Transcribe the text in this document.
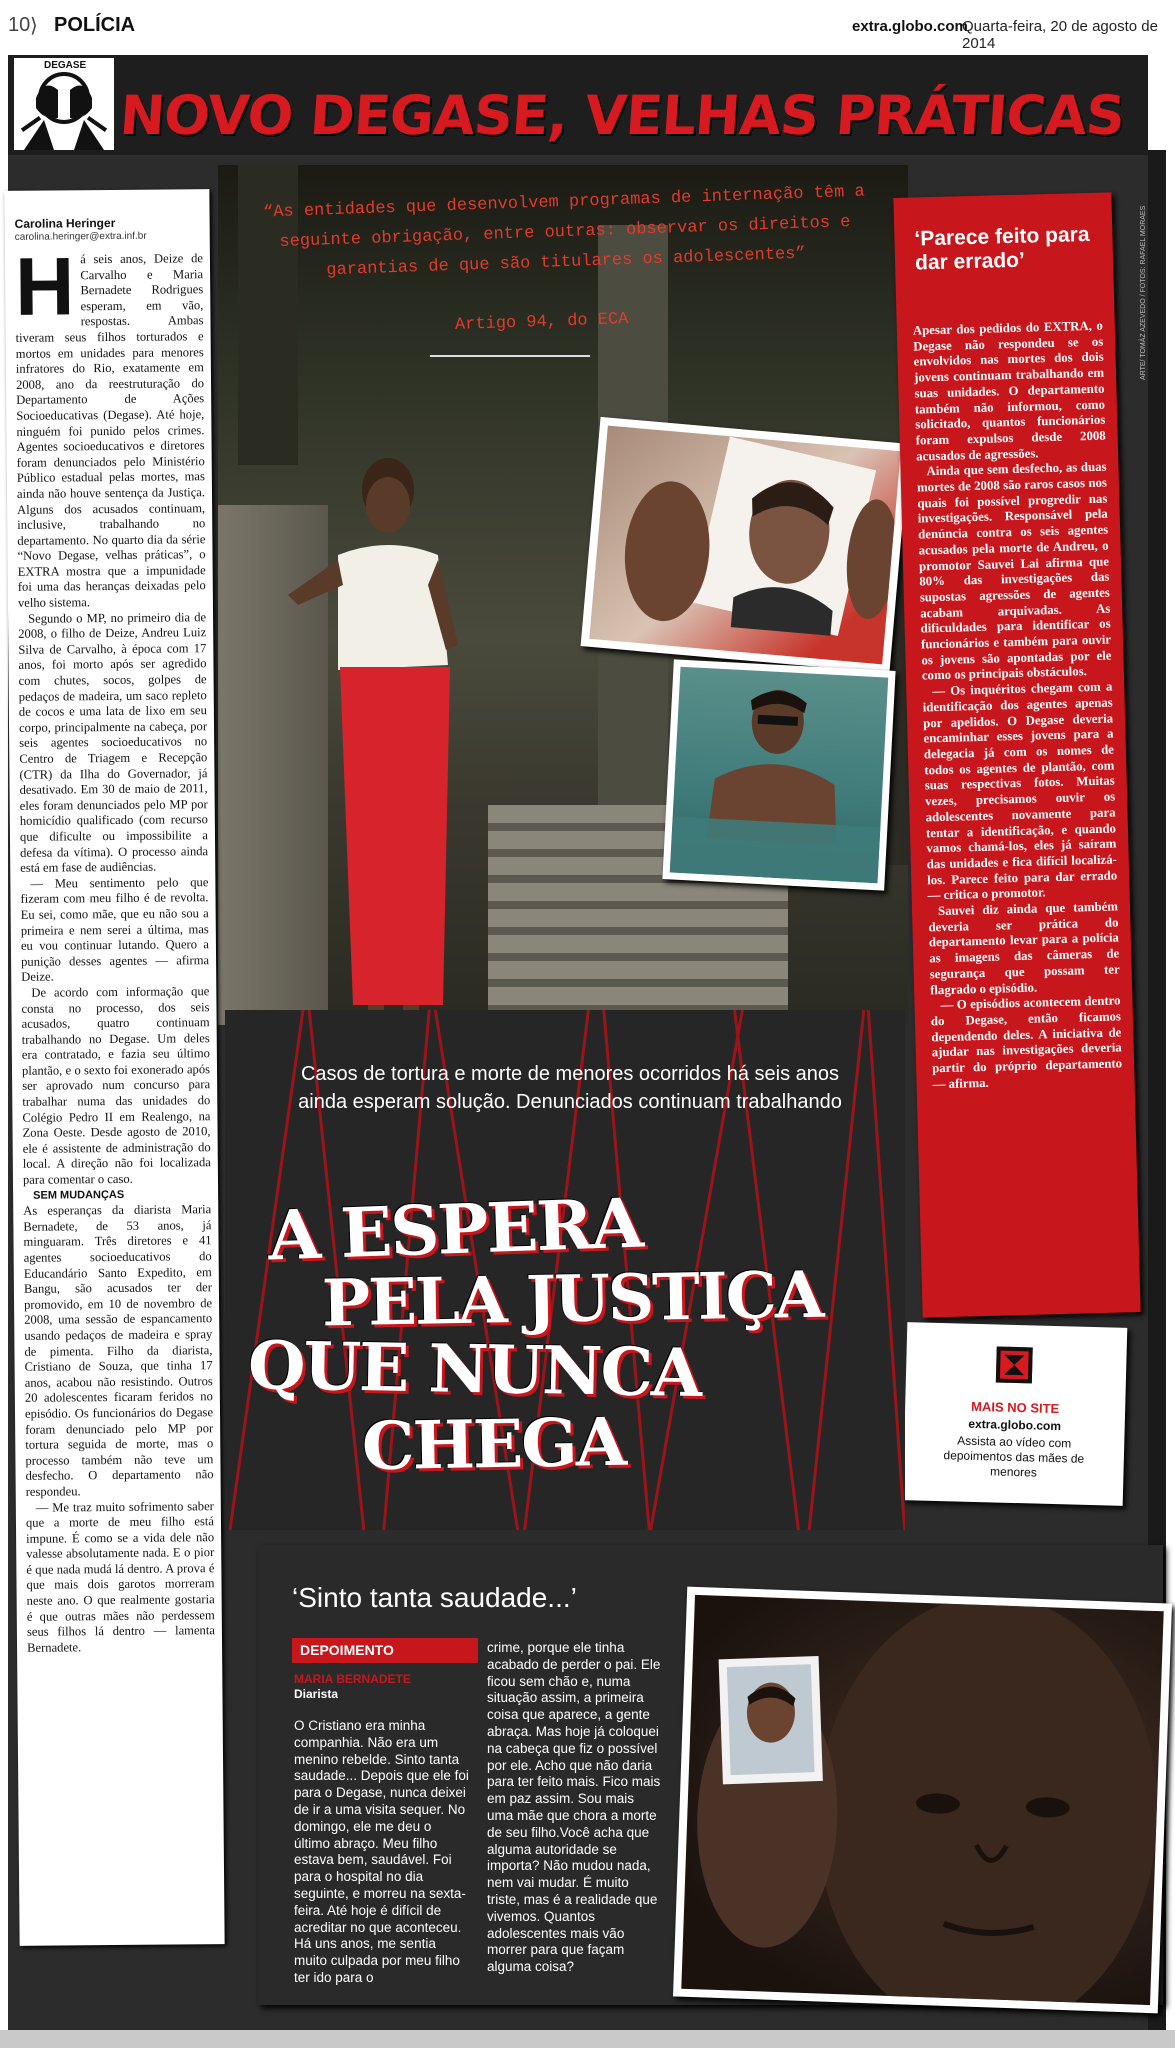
10 ⟩ POLÍCIA	extra.globo.com
Quarta-feira, 20 de agosto de 2014
ARTE/ TOMÁZ AZEVEDO / FOTOS: RAFAEL MORAES
DEGASE
NOVO DEGASE, VELHAS PRÁTICAS
“As entidades que desenvolvem programas de internação têm a seguinte obrigação, entre outras: observar os direitos e garantias de que são titulares os adolescentes”
Artigo 94, do ECA
Carolina Heringer
carolina.heringer@extra.inf.br
H á seis anos, Deize de Carvalho e Maria Bernadete Rodrigues esperam, em vão, respostas. Ambas tiveram seus filhos torturados e mortos em unidades para menores infratores do Rio, exatamente em 2008, ano da reestruturação do Departamento de Ações Socioeducativas (Degase). Até hoje, ninguém foi punido pelos crimes. Agentes socioeducativos e diretores foram denunciados pelo Ministério Público estadual pelas mortes, mas ainda não houve sentença da Justiça. Alguns dos acusados continuam, inclusive, trabalhando no departamento. No quarto dia da série “Novo Degase, velhas práticas”, o EXTRA mostra que a impunidade foi uma das heranças deixadas pelo velho sistema.

Segundo o MP, no primeiro dia de 2008, o filho de Deize, Andreu Luiz Silva de Carvalho, à época com 17 anos, foi morto após ser agredido com chutes, socos, golpes de pedaços de madeira, um saco repleto de cocos e uma lata de lixo em seu corpo, principalmente na cabeça, por seis agentes socioeducativos no Centro de Triagem e Recepção (CTR) da Ilha do Governador, já desativado. Em 30 de maio de 2011, eles foram denunciados pelo MP por homicídio qualificado (com recurso que dificulte ou impossibilite a defesa da vítima). O processo ainda está em fase de audiências.

— Meu sentimento pelo que fizeram com meu filho é de revolta. Eu sei, como mãe, que eu não sou a primeira e nem serei a última, mas eu vou continuar lutando. Quero a punição desses agentes — afirma Deize.

De acordo com informação que consta no processo, dos seis acusados, quatro continuam trabalhando no Degase. Um deles era contratado, e fazia seu último plantão, e o sexto foi exonerado após ser aprovado num concurso para trabalhar numa das unidades do Colégio Pedro II em Realengo, na Zona Oeste. Desde agosto de 2010, ele é assistente de administração do local. A direção não foi localizada para comentar o caso.

SEM MUDANÇAS

As esperanças da diarista Maria Bernadete, de 53 anos, já minguaram. Três diretores e 41 agentes socioeducativos do Educandário Santo Expedito, em Bangu, são acusados ter der promovido, em 10 de novembro de 2008, uma sessão de espancamento usando pedaços de madeira e spray de pimenta. Filho da diarista, Cristiano de Souza, que tinha 17 anos, acabou não resistindo. Outros 20 adolescentes ficaram feridos no episódio. Os funcionários do Degase foram denunciado pelo MP por tortura seguida de morte, mas o processo também não teve um desfecho. O departamento não respondeu.

— Me traz muito sofrimento saber que a morte de meu filho está impune. É como se a vida dele não valesse absolutamente nada. E o pior é que nada mudá lá dentro. A prova é que mais dois garotos morreram neste ano. O que realmente gostaria é que outras mães não perdessem seus filhos lá dentro — lamenta Bernadete.

‘Parece feito para dar errado’

Apesar dos pedidos do EXTRA, o Degase não respondeu se os envolvidos nas mortes dos dois jovens continuam trabalhando em suas unidades. O departamento também não informou, como solicitado, quantos funcionários foram expulsos desde 2008 acusados de agressões.

Ainda que sem desfecho, as duas mortes de 2008 são raros casos nos quais foi possível progredir nas investigações. Responsável pela denúncia contra os seis agentes acusados pela morte de Andreu, o promotor Sauvei Lai afirma que 80% das investigações das supostas agressões de agentes acabam arquivadas. As dificuldades para identificar os funcionários e também para ouvir os jovens são apontadas por ele como os principais obstáculos.

— Os inquéritos chegam com a identificação dos agentes apenas por apelidos. O Degase deveria encaminhar esses jovens para a delegacia já com os nomes de todos os agentes de plantão, com suas respectivas fotos. Muitas vezes, precisamos ouvir os adolescentes novamente para tentar a identificação, e quando vamos chamá-los, eles já saíram das unidades e fica difícil localizá-los. Parece feito para dar errado — critica o promotor.

Sauvei diz ainda que também deveria ser prática do departamento levar para a polícia as imagens das câmeras de segurança que possam ter flagrado o episódio.

— O episódios acontecem dentro do Degase, então ficamos dependendo deles. A iniciativa de ajudar nas investigações deveria partir do próprio departamento — afirma.

MAIS NO SITE
extra.globo.com
Assista ao vídeo com depoimentos das mães de menores
Casos de tortura e morte de menores ocorridos há seis anos ainda esperam solução. Denunciados continuam trabalhando
A ESPERA
PELA JUSTIÇA
QUE NUNCA
CHEGA
‘Sinto tanta saudade...’
DEPOIMENTO
MARIA BERNADETE
Diarista
O Cristiano era minha companhia. Não era um menino rebelde. Sinto tanta saudade... Depois que ele foi para o Degase, nunca deixei de ir a uma visita sequer. No domingo, ele me deu o último abraço. Meu filho estava bem, saudável. Foi para o hospital no dia seguinte, e morreu na sexta-feira. Até hoje é difícil de acreditar no que aconteceu. Há uns anos, me sentia muito culpada por meu filho ter ido para o
crime, porque ele tinha acabado de perder o pai. Ele ficou sem chão e, numa situação assim, a primeira coisa que aparece, a gente abraça. Mas hoje já coloquei na cabeça que fiz o possível por ele. Acho que não daria para ter feito mais. Fico mais em paz assim. Sou mais uma mãe que chora a morte de seu filho.Você acha que alguma autoridade se importa? Não mudou nada, nem vai mudar. É muito triste, mas é a realidade que vivemos. Quantos adolescentes mais vão morrer para que façam alguma coisa?
